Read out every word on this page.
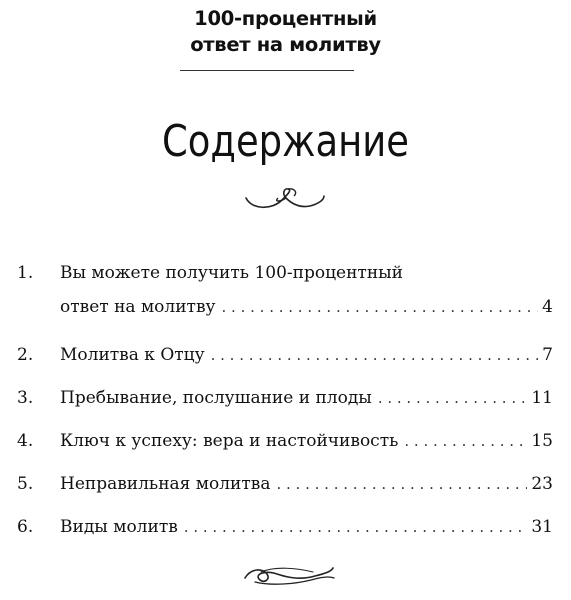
100-процентный
ответ на молитву
Содержание
1. Вы можете получить 100-процентный
ответ на молитву . . .	4
2. Молитва к Отцу . . .	7
3. Пребывание, послушание и плоды . . .	11
4. Ключ к успеху: вера и настойчивость . . .	15
5. Неправильная молитва . . .	23
6. Виды молитв . . .	31
